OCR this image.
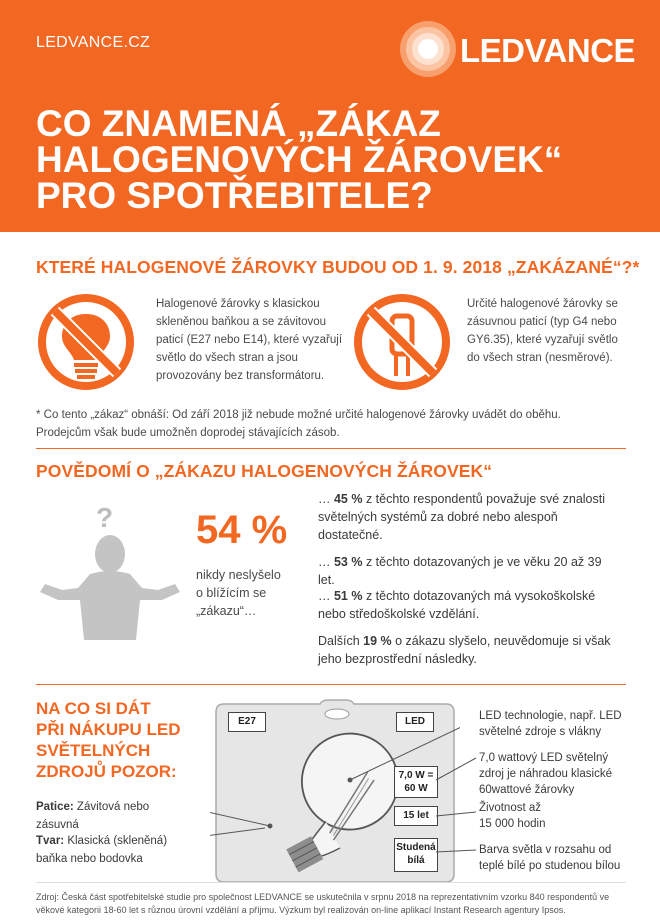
LEDVANCE.CZ	LEDVANCE
CO ZNAMENÁ „ZÁKAZ
HALOGENOVÝCH ŽÁROVEK“
PRO SPOTŘEBITELE?
KTERÉ HALOGENOVÉ ŽÁROVKY BUDOU OD 1. 9. 2018 „ZAKÁZANÉ“?*
Halogenové žárovky s klasickou
skleněnou baňkou a se závitovou
paticí (E27 nebo E14), které vyzařují
světlo do všech stran a jsou
provozovány bez transformátoru.
Určité halogenové žárovky se
zásuvnou paticí (typ G4 nebo
GY6.35), které vyzařují světlo
do všech stran (nesměrové).
* Co tento „zákaz“ obnáší: Od září 2018 již nebude možné určité halogenové žárovky uvádět do oběhu.
Prodejcům však bude umožněn doprodej stávajících zásob.
POVĚDOMÍ O „ZÁKAZU HALOGENOVÝCH ŽÁROVEK“
? 54 %
nikdy neslyšelo
o blížícím se
„zákazu“…

… 45 % z těchto respondentů považuje své znalosti světelných systémů za dobré nebo alespoň dostatečné.

… 53 % z těchto dotazovaných je ve věku 20 až 39 let.

… 51 % z těchto dotazovaných má vysokoškolské nebo středoškolské vzdělání.

Dalších 19 % o zákazu slyšelo, neuvědomuje si však jeho bezprostřední následky.

NA CO SI DÁT
PŘI NÁKUPU LED
SVĚTELNÝCH
ZDROJŮ POZOR:

Patice: Závitová nebo
zásuvná

Tvar: Klasická (skleněná)
baňka nebo bodovka

E27	LED
7,0 W =
60 W
15 let
Studená
bílá
LED technologie, např. LED
světelné zdroje s vlákny
7,0 wattový LED světelný
zdroj je náhradou klasické
60wattové žárovky
Životnost až
15 000 hodin
Barva světla v rozsahu od
teplé bílé po studenou bílou

Zdroj: Česká část spotřebitelské studie pro společnost LEDVANCE se uskutečnila v srpnu 2018 na reprezentativním vzorku 840 respondentů ve věkové kategorii 18-60 let s různou úrovní vzdělání a příjmu. Výzkum byl realizován on-line aplikací Instant Research agentury Ipsos.
